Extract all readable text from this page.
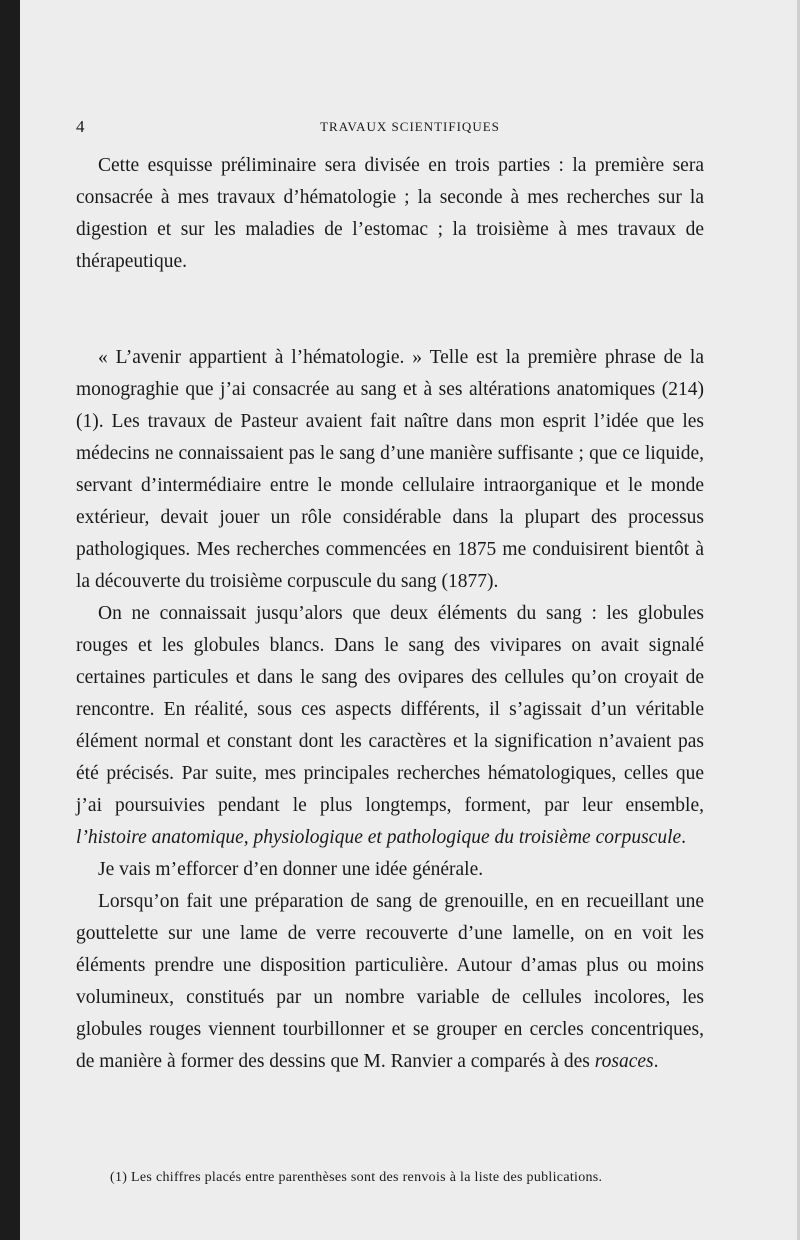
4	TRAVAUX SCIENTIFIQUES

Cette esquisse préliminaire sera divisée en trois parties : la première sera consacrée à mes travaux d’hématologie ; la seconde à mes recherches sur la digestion et sur les maladies de l’estomac ; la troisième à mes travaux de thérapeutique.

« L’avenir appartient à l’hématologie. » Telle est la première phrase de la monograghie que j’ai consacrée au sang et à ses altérations anatomiques (214) (1). Les travaux de Pasteur avaient fait naître dans mon esprit l’idée que les médecins ne connaissaient pas le sang d’une manière suffisante ; que ce liquide, servant d’intermédiaire entre le monde cellulaire intraorganique et le monde extérieur, devait jouer un rôle considérable dans la plupart des processus pathologiques. Mes recherches commencées en 1875 me conduisirent bientôt à la découverte du troisième corpuscule du sang (1877).

On ne connaissait jusqu’alors que deux éléments du sang : les globules rouges et les globules blancs. Dans le sang des vivipares on avait signalé certaines particules et dans le sang des ovipares des cellules qu’on croyait de rencontre. En réalité, sous ces aspects différents, il s’agissait d’un véritable élément normal et constant dont les caractères et la signification n’avaient pas été précisés. Par suite, mes principales recherches hématologiques, celles que j’ai poursuivies pendant le plus longtemps, forment, par leur ensemble, l’histoire anatomique, physiologique et pathologique du troisième corpuscule.

Je vais m’efforcer d’en donner une idée générale.

Lorsqu’on fait une préparation de sang de grenouille, en en recueillant une gouttelette sur une lame de verre recouverte d’une lamelle, on en voit les éléments prendre une disposition particulière. Autour d’amas plus ou moins volumineux, constitués par un nombre variable de cellules incolores, les globules rouges viennent tourbillonner et se grouper en cercles concentriques, de manière à former des dessins que M. Ranvier a comparés à des rosaces.

(1) Les chiffres placés entre parenthèses sont des renvois à la liste des publications.
